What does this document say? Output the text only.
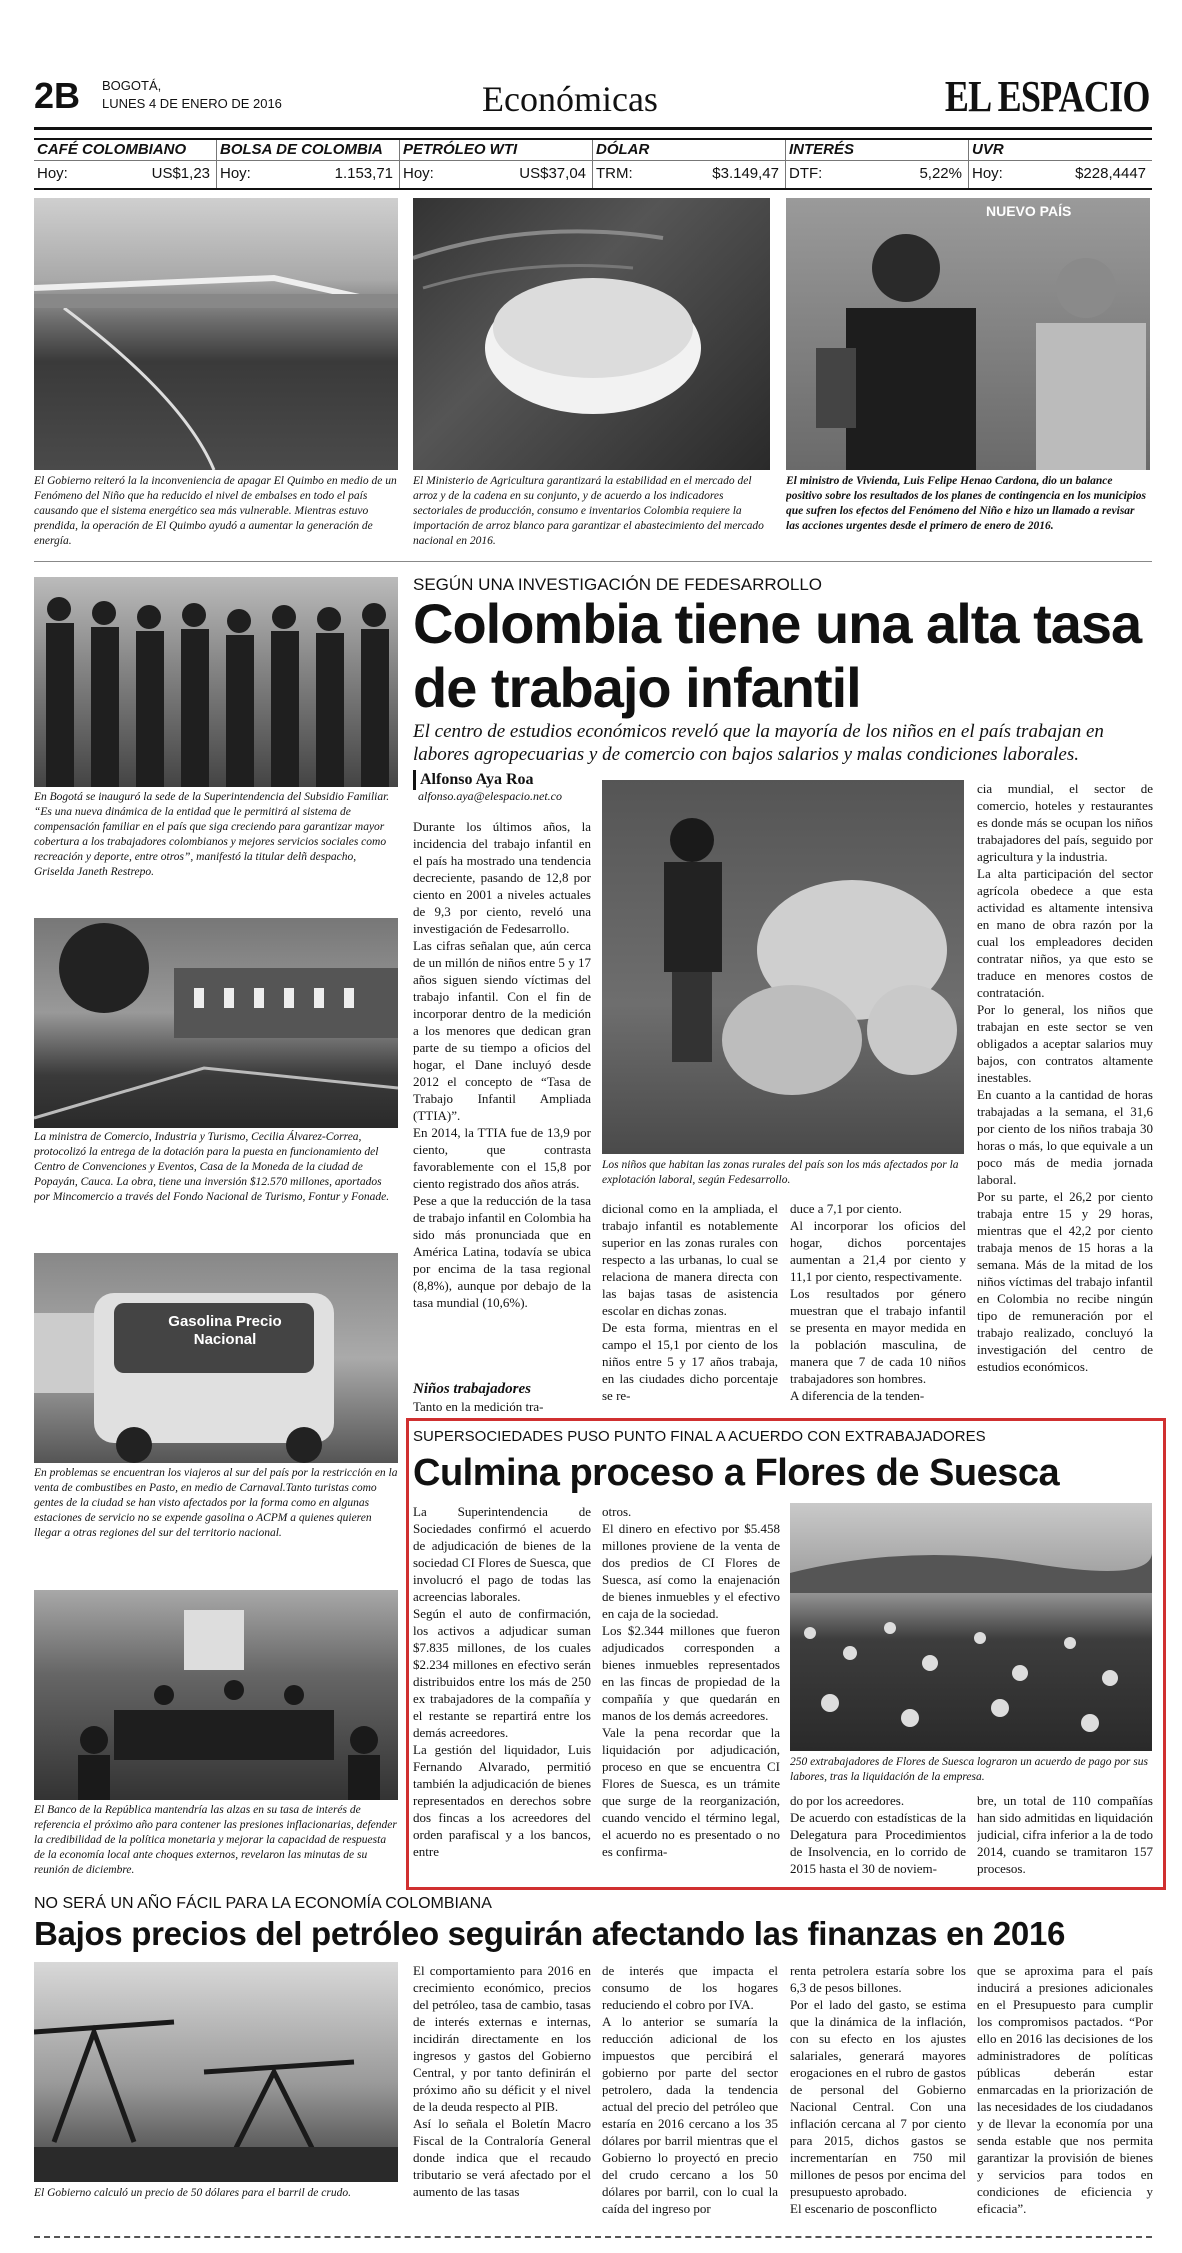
2B BOGOTÁ,
LUNES 4 DE ENERO DE 2016	Económicas	EL ESPACIO
CAFÉ COLOMBIANO
Hoy:	US$1,23
BOLSA DE COLOMBIA
Hoy:	1.153,71
PETRÓLEO WTI
Hoy:	US$37,04
DÓLAR
TRM:	$3.149,47
INTERÉS
DTF:	5,22%
UVR
Hoy:	$228,4447
NUEVO PAÍS
El Gobierno reiteró la la inconveniencia de apagar El Quimbo en medio de un Fenómeno del Niño que ha reducido el nivel de embalses en todo el país causando que el sistema energético sea más vulnerable. Mientras estuvo prendida, la operación de El Quimbo ayudó a aumentar la generación de energía.
El Ministerio de Agricultura garantizará la estabilidad en el mercado del arroz y de la cadena en su conjunto, y de acuerdo a los indicadores sectoriales de producción, consumo e inventarios Colombia requiere la importación de arroz blanco para garantizar el abastecimiento del mercado nacional en 2016.
El ministro de Vivienda, Luis Felipe Henao Cardona, dio un balance positivo sobre los resultados de los planes de contingencia en los municipios que sufren los efectos del Fenómeno del Niño e hizo un llamado a revisar las acciones urgentes desde el primero de enero de 2016.
En Bogotá se inauguró la sede de la Superintendencia del Subsidio Familiar. “Es una nueva dinámica de la entidad que le permitirá al sistema de compensación familiar en el país que siga creciendo para garantizar mayor cobertura a los trabajadores colombianos y mejores servicios sociales como recreación y deporte, entre otros”, manifestó la titular delñ despacho, Griselda Janeth Restrepo.
La ministra de Comercio, Industria y Turismo, Cecilia Álvarez-Correa, protocolizó la entrega de la dotación para la puesta en funcionamiento del Centro de Convenciones y Eventos, Casa de la Moneda de la ciudad de Popayán, Cauca. La obra, tiene una inversión $12.570 millones, aportados por Mincomercio a través del Fondo Nacional de Turismo, Fontur y Fonade.
Gasolina Precio Nacional
En problemas se encuentran los viajeros al sur del país por la restricción en la venta de combustibes en Pasto, en medio de Carnaval.Tanto turistas como gentes de la ciudad se han visto afectados por la forma como en algunas estaciones de servicio no se expende gasolina o ACPM a quienes quieren llegar a otras regiones del sur del territorio nacional.
El Banco de la República mantendría las alzas en su tasa de interés de referencia el próximo año para contener las presiones inflacionarias, defender la credibilidad de la política monetaria y mejorar la capacidad de respuesta de la economía local ante choques externos, revelaron las minutas de su reunión de diciembre.
SEGÚN UNA INVESTIGACIÓN DE FEDESARROLLO
Colombia tiene una alta tasa de trabajo infantil
El centro de estudios económicos reveló que la mayoría de los niños en el país trabajan en labores agropecuarias y de comercio con bajos salarios y malas condiciones laborales.
Alfonso Aya Roa
alfonso.aya@elespacio.net.co
Durante los últimos años, la incidencia del trabajo infantil en el país ha mostrado una tendencia decreciente, pasando de 12,8 por ciento en 2001 a niveles actuales de 9,3 por ciento, reveló una investigación de Fedesarrollo.
Las cifras señalan que, aún cerca de un millón de niños entre 5 y 17 años siguen siendo víctimas del trabajo infantil. Con el fin de incorporar dentro de la medición a los menores que dedican gran parte de su tiempo a oficios del hogar, el Dane incluyó desde 2012 el concepto de “Tasa de Trabajo Infantil Ampliada (TTIA)”.
En 2014, la TTIA fue de 13,9 por ciento, que contrasta favorablemente con el 15,8 por ciento registrado dos años atrás.
Pese a que la reducción de la tasa de trabajo infantil en Colombia ha sido más pronunciada que en América Latina, todavía se ubica por encima de la tasa regional (8,8%), aunque por debajo de la tasa mundial (10,6%).
Niños trabajadores
Tanto en la medición tra-
Los niños que habitan las zonas rurales del país son los más afectados por la explotación laboral, según Fedesarrollo.
dicional como en la ampliada, el trabajo infantil es notablemente superior en las zonas rurales con respecto a las urbanas, lo cual se relaciona de manera directa con las bajas tasas de asistencia escolar en dichas zonas.
De esta forma, mientras en el campo el 15,1 por ciento de los niños entre 5 y 17 años trabaja, en las ciudades dicho porcentaje se re-
duce a 7,1 por ciento.
Al incorporar los oficios del hogar, dichos porcentajes aumentan a 21,4 por ciento y 11,1 por ciento, respectivamente.
Los resultados por género muestran que el trabajo infantil se presenta en mayor medida en la población masculina, de manera que 7 de cada 10 niños trabajadores son hombres.
A diferencia de la tenden-
cia mundial, el sector de comercio, hoteles y restaurantes es donde más se ocupan los niños trabajadores del país, seguido por agricultura y la industria.
La alta participación del sector agrícola obedece a que esta actividad es altamente intensiva en mano de obra razón por la cual los empleadores deciden contratar niños, ya que esto se traduce en menores costos de contratación.
Por lo general, los niños que trabajan en este sector se ven obligados a aceptar salarios muy bajos, con contratos altamente inestables.
En cuanto a la cantidad de horas trabajadas a la semana, el 31,6 por ciento de los niños trabaja 30 horas o más, lo que equivale a un poco más de media jornada laboral.
Por su parte, el 26,2 por ciento trabaja entre 15 y 29 horas, mientras que el 42,2 por ciento trabaja menos de 15 horas a la semana. Más de la mitad de los niños víctimas del trabajo infantil en Colombia no recibe ningún tipo de remuneración por el trabajo realizado, concluyó la investigación del centro de estudios económicos.
SUPERSOCIEDADES PUSO PUNTO FINAL A ACUERDO CON EXTRABAJADORES
Culmina proceso a Flores de Suesca
La Superintendencia de Sociedades confirmó el acuerdo de adjudicación de bienes de la sociedad CI Flores de Suesca, que involucró el pago de todas las acreencias laborales.
Según el auto de confirmación, los activos a adjudicar suman $7.835 millones, de los cuales $2.234 millones en efectivo serán distribuidos entre los más de 250 ex trabajadores de la compañía y el restante se repartirá entre los demás acreedores.
La gestión del liquidador, Luis Fernando Alvarado, permitió también la adjudicación de bienes representados en derechos sobre dos fincas a los acreedores del orden parafiscal y a los bancos, entre
otros.
El dinero en efectivo por $5.458 millones proviene de la venta de dos predios de CI Flores de Suesca, así como la enajenación de bienes inmuebles y el efectivo en caja de la sociedad.
Los $2.344 millones que fueron adjudicados corresponden a bienes inmuebles representados en las fincas de propiedad de la compañía y que quedarán en manos de los demás acreedores.
Vale la pena recordar que la liquidación por adjudicación, proceso en que se encuentra CI Flores de Suesca, es un trámite que surge de la reorganización, cuando vencido el término legal, el acuerdo no es presentado o no es confirma-
250 extrabajadores de Flores de Suesca lograron un acuerdo de pago por sus labores, tras la liquidación de la empresa.
do por los acreedores.
De acuerdo con estadísticas de la Delegatura para Procedimientos de Insolvencia, en lo corrido de 2015 hasta el 30 de noviem-
bre, un total de 110 compañías han sido admitidas en liquidación judicial, cifra inferior a la de todo 2014, cuando se tramitaron 157 procesos.
NO SERÁ UN AÑO FÁCIL PARA LA ECONOMÍA COLOMBIANA
Bajos precios del petróleo seguirán afectando las finanzas en 2016
El Gobierno calculó un precio de 50 dólares para el barril de crudo.
El comportamiento para 2016 en crecimiento económico, precios del petróleo, tasa de cambio, tasas de interés externas e internas, incidirán directamente en los ingresos y gastos del Gobierno Central, y por tanto definirán el próximo año su déficit y el nivel de la deuda respecto al PIB.
Así lo señala el Boletín Macro Fiscal de la Contraloría General donde indica que el recaudo tributario se verá afectado por el aumento de las tasas
de interés que impacta el consumo de los hogares reduciendo el cobro por IVA.
A lo anterior se sumaría la reducción adicional de los impuestos que percibirá el gobierno por parte del sector petrolero, dada la tendencia actual del precio del petróleo que estaría en 2016 cercano a los 35 dólares por barril mientras que el Gobierno lo proyectó en precio del crudo cercano a los 50 dólares por barril, con lo cual la caída del ingreso por
renta petrolera estaría sobre los 6,3 de pesos billones.
Por el lado del gasto, se estima que la dinámica de la inflación, con su efecto en los ajustes salariales, generará mayores erogaciones en el rubro de gastos de personal del Gobierno Nacional Central. Con una inflación cercana al 7 por ciento para 2015, dichos gastos se incrementarían en 750 mil millones de pesos por encima del presupuesto aprobado.
El escenario de posconflicto
que se aproxima para el país inducirá a presiones adicionales en el Presupuesto para cumplir los compromisos pactados. “Por ello en 2016 las decisiones de los administradores de políticas públicas deberán estar enmarcadas en la priorización de las necesidades de los ciudadanos y de llevar la economía por una senda estable que nos permita garantizar la provisión de bienes y servicios para todos en condiciones de eficiencia y eficacia”.
